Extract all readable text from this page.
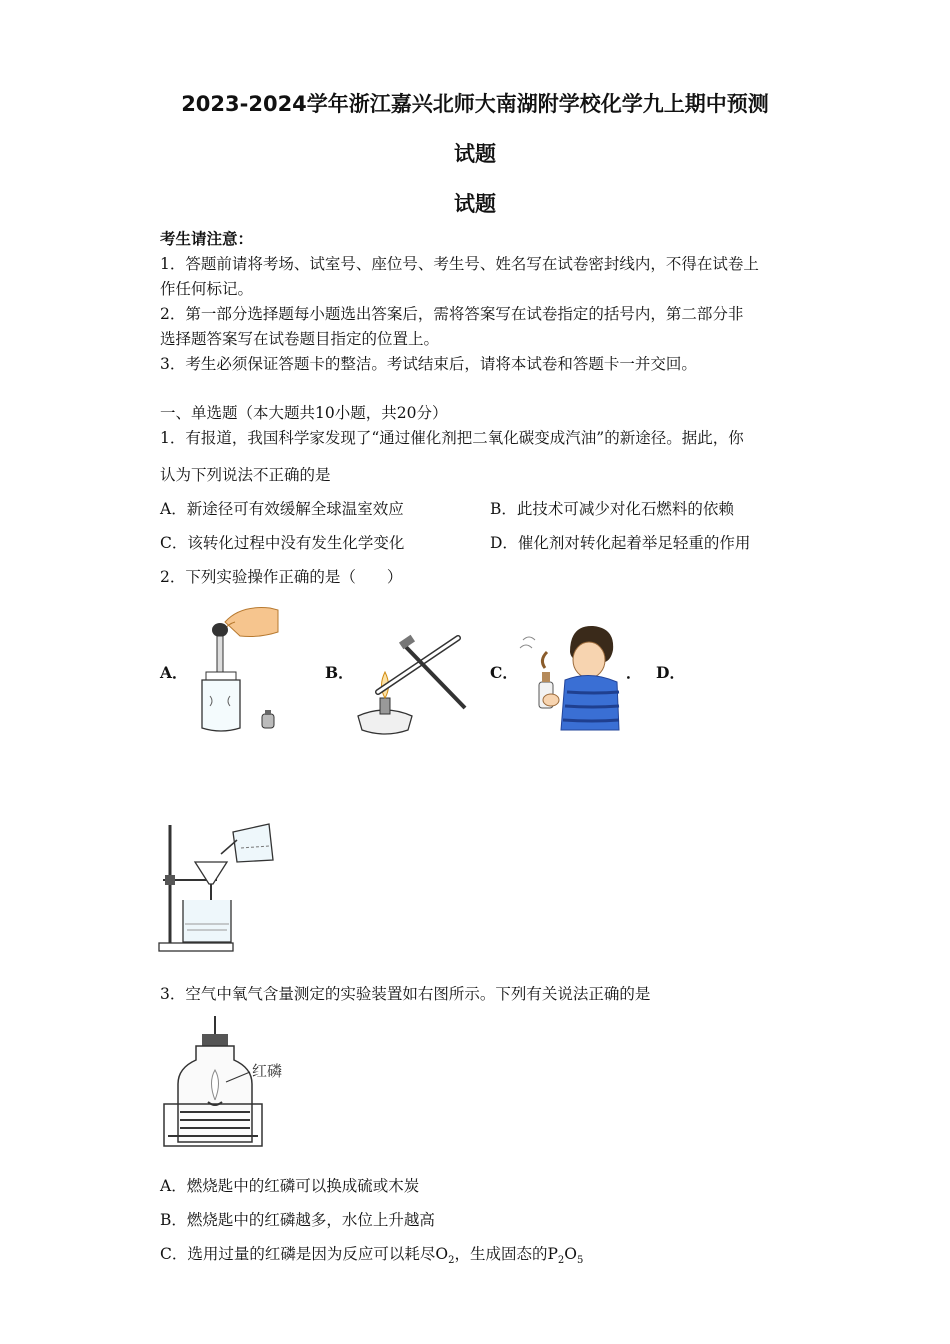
2023-2024学年浙江嘉兴北师大南湖附学校化学九上期中预测
试题
试题
考生请注意：
1．答题前请将考场、试室号、座位号、考生号、姓名写在试卷密封线内，不得在试卷上
作任何标记。
2．第一部分选择题每小题选出答案后，需将答案写在试卷指定的括号内，第二部分非
选择题答案写在试卷题目指定的位置上。
3．考生必须保证答题卡的整洁。考试结束后，请将本试卷和答题卡一并交回。
一、单选题（本大题共10小题，共20分）
1．有报道，我国科学家发现了“通过催化剂把二氧化碳变成汽油”的新途径。据此，你
认为下列说法不正确的是
A．新途径可有效缓解全球温室效应	B．此技术可减少对化石燃料的依赖
C．该转化过程中没有发生化学变化	D．催化剂对转化起着举足轻重的作用
2．下列实验操作正确的是（　　）
A．	B．	C．	． D．
3．空气中氧气含量测定的实验装置如右图所示。下列有关说法正确的是
红磷
A．燃烧匙中的红磷可以换成硫或木炭
B．燃烧匙中的红磷越多，水位上升越高
C．选用过量的红磷是因为反应可以耗尽$O_2$，生成固态的$P_2O_5$
